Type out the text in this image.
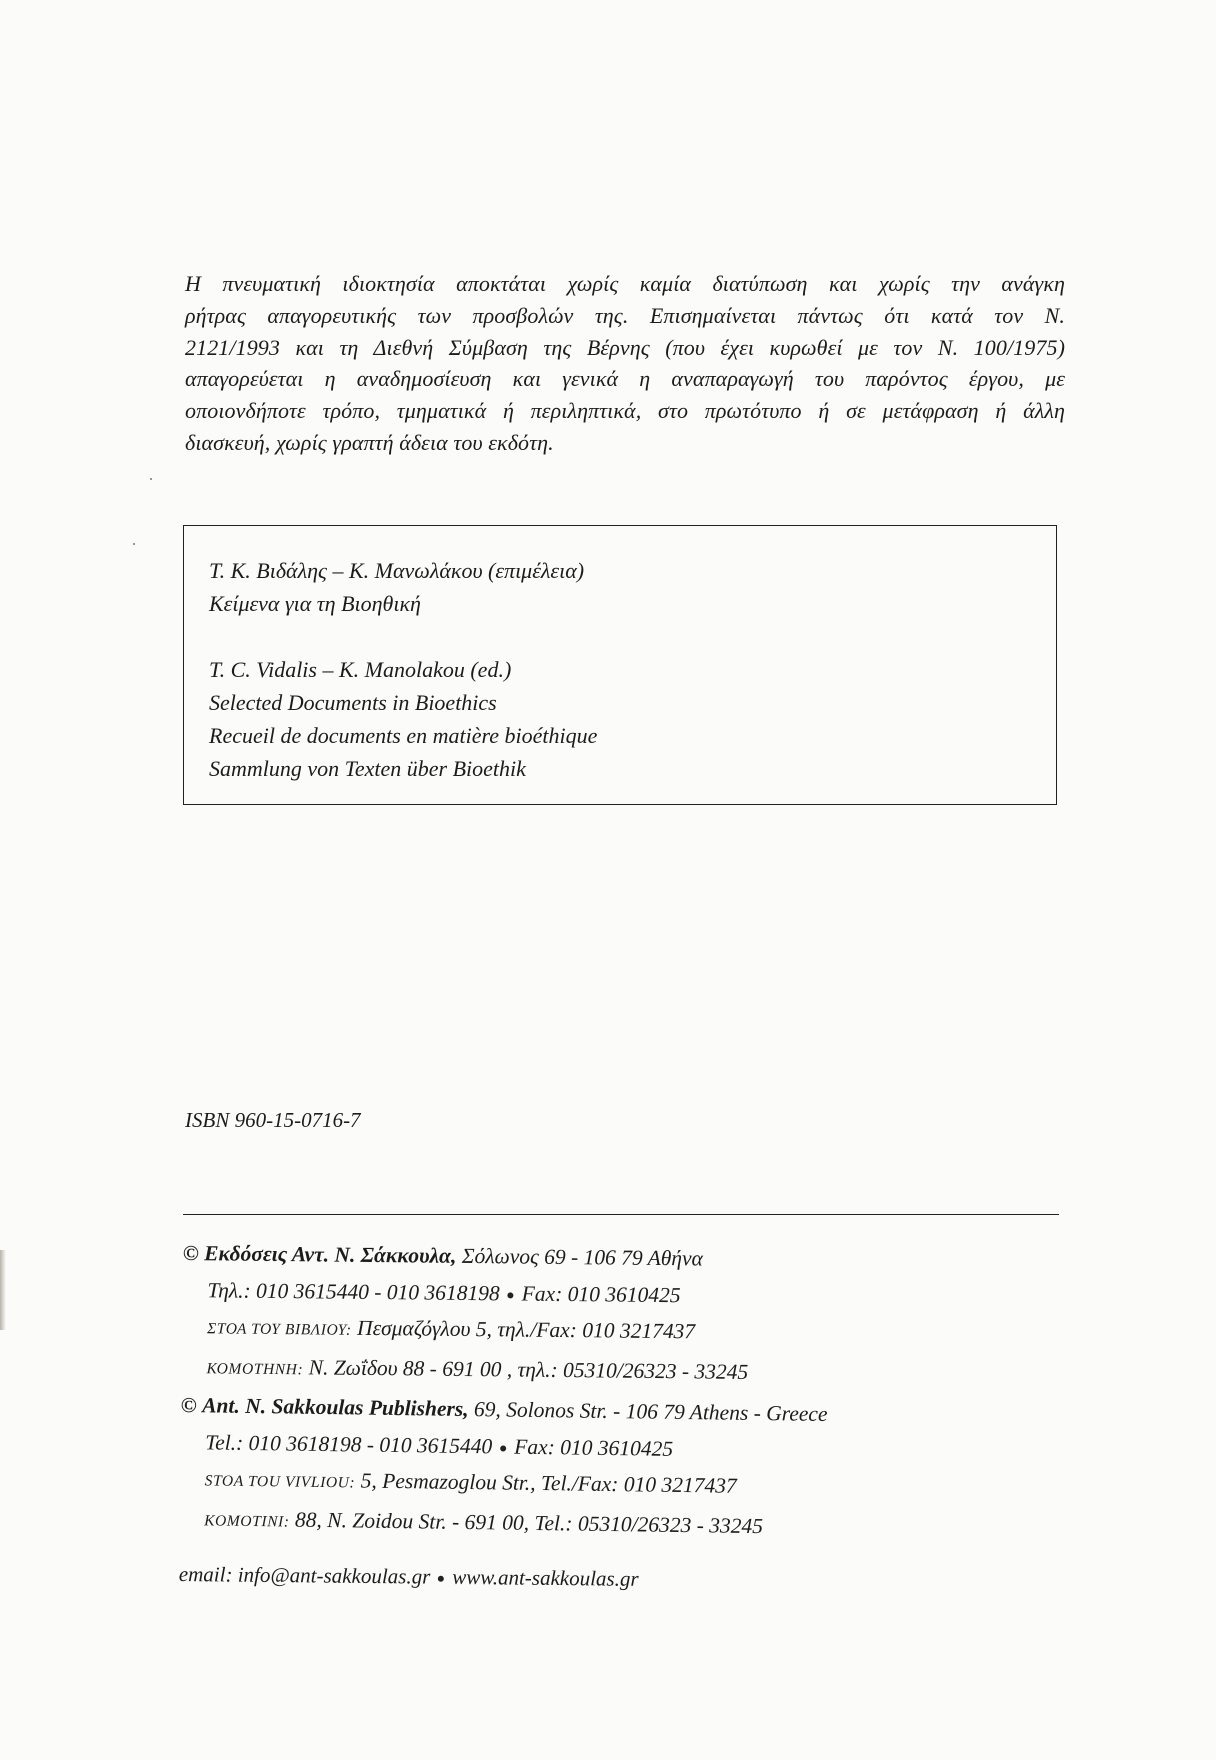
Η πνευματική ιδιοκτησία αποκτάται χωρίς καμία διατύπωση και χωρίς την ανάγκη
ρήτρας απαγορευτικής των προσβολών της. Επισημαίνεται πάντως ότι κατά τον Ν.
2121/1993 και τη Διεθνή Σύμβαση της Βέρνης (που έχει κυρωθεί με τον Ν. 100/1975)
απαγορεύεται η αναδημοσίευση και γενικά η αναπαραγωγή του παρόντος έργου, με
οποιονδήποτε τρόπο, τμηματικά ή περιληπτικά, στο πρωτότυπο ή σε μετάφραση ή άλλη
διασκευή, χωρίς γραπτή άδεια του εκδότη.
Τ. Κ. Βιδάλης – Κ. Μανωλάκου (επιμέλεια)
Κείμενα για τη Βιοηθική
T. C. Vidalis – K. Manolakou (ed.)
Selected Documents in Bioethics
Recueil de documents en matière bioéthique
Sammlung von Texten über Bioethik
ISBN 960-15-0716-7
© Εκδόσεις Αντ. Ν. Σάκκουλα, Σόλωνος 69 - 106 79 Αθήνα
Τηλ.: 010 3615440 - 010 3618198 Fax: 010 3610425
ΣΤΟΑ ΤΟΥ ΒΙΒΛΙΟΥ: Πεσμαζόγλου 5, τηλ./Fax: 010 3217437
ΚΟΜΟΤΗΝΗ: Ν. Ζωΐδου 88 - 691 00 , τηλ.: 05310/26323 - 33245
© Ant. N. Sakkoulas Publishers, 69, Solonos Str. - 106 79 Athens - Greece
Tel.: 010 3618198 - 010 3615440 Fax: 010 3610425
STOA TOU VIVLIOU: 5, Pesmazoglou Str., Tel./Fax: 010 3217437
KOMOTINI: 88, N. Zoidou Str. - 691 00, Tel.: 05310/26323 - 33245
email: info@ant-sakkoulas.gr www.ant-sakkoulas.gr
